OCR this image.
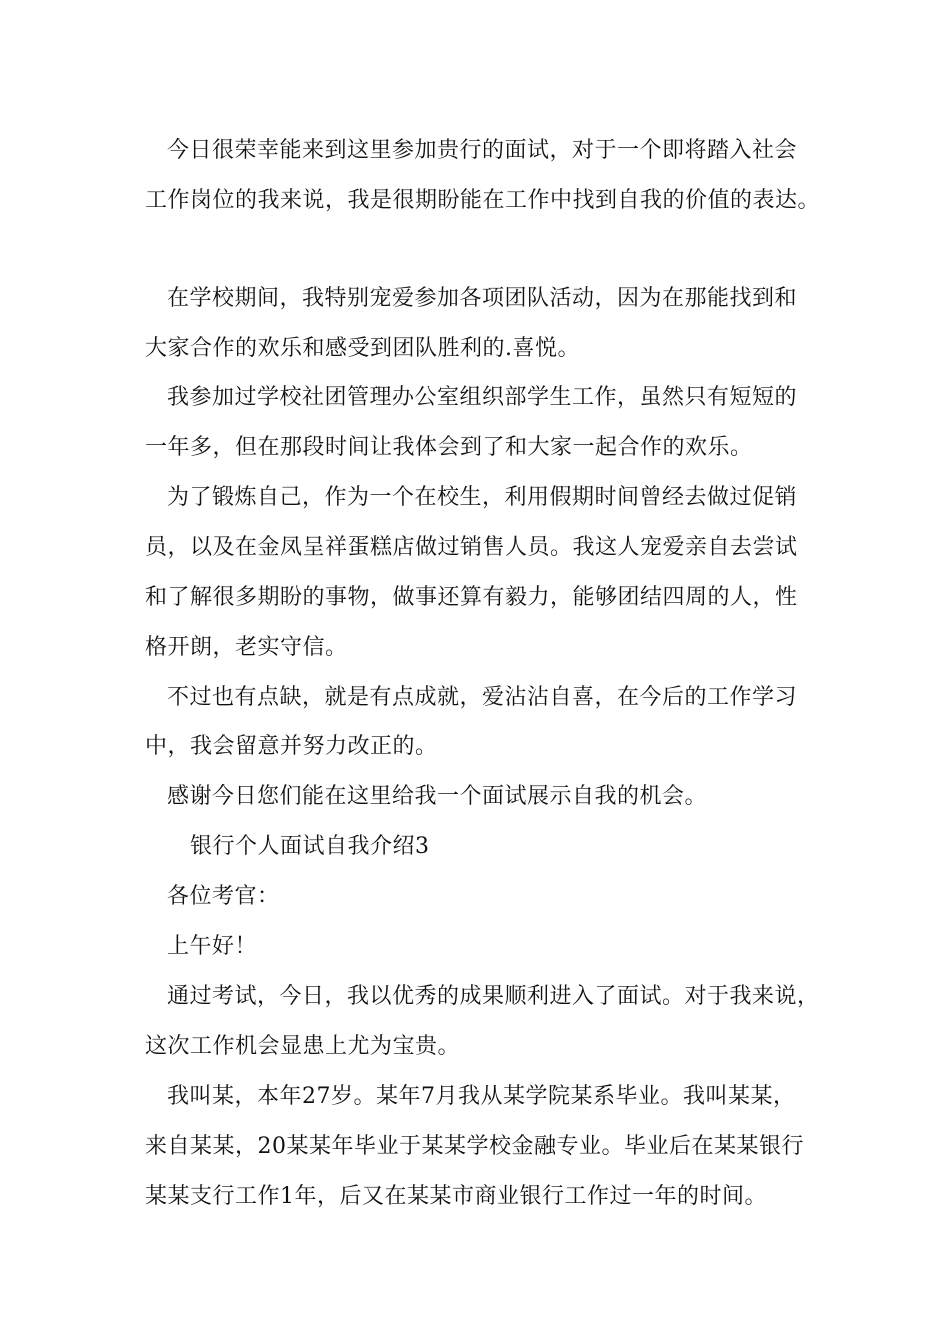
今日很荣幸能来到这里参加贵行的面试，对于一个即将踏入社会
工作岗位的我来说，我是很期盼能在工作中找到自我的价值的表达。
在学校期间，我特别宠爱参加各项团队活动，因为在那能找到和
大家合作的欢乐和感受到团队胜利的.喜悦。
我参加过学校社团管理办公室组织部学生工作，虽然只有短短的
一年多，但在那段时间让我体会到了和大家一起合作的欢乐。
为了锻炼自己，作为一个在校生，利用假期时间曾经去做过促销
员，以及在金凤呈祥蛋糕店做过销售人员。我这人宠爱亲自去尝试
和了解很多期盼的事物，做事还算有毅力，能够团结四周的人，性
格开朗，老实守信。
不过也有点缺，就是有点成就，爱沾沾自喜，在今后的工作学习
中，我会留意并努力改正的。
感谢今日您们能在这里给我一个面试展示自我的机会。
银行个人面试自我介绍3
各位考官：
上午好！
通过考试，今日，我以优秀的成果顺利进入了面试。对于我来说，
这次工作机会显患上尤为宝贵。
我叫某，本年27岁。某年7月我从某学院某系毕业。我叫某某，
来自某某，20某某年毕业于某某学校金融专业。毕业后在某某银行
某某支行工作1年，后又在某某市商业银行工作过一年的时间。
